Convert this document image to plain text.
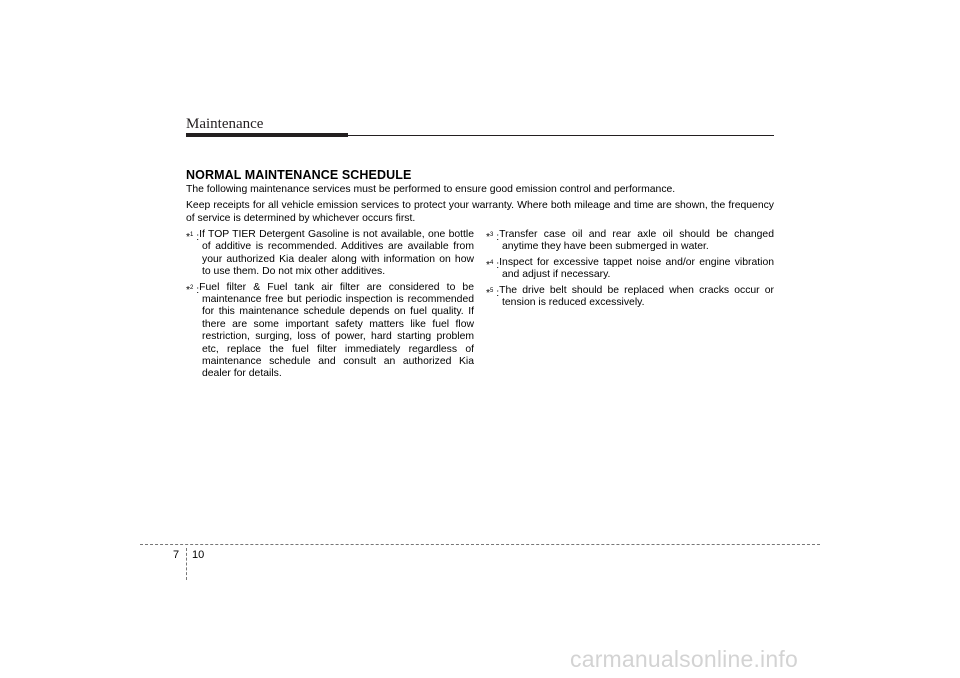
Maintenance
NORMAL MAINTENANCE SCHEDULE
The following maintenance services must be performed to ensure good emission control and performance.
Keep receipts for all vehicle emission services to protect your warranty. Where both mileage and time are shown, the frequency of service is determined by whichever occurs first.
*$^1$ : If TOP TIER Detergent Gasoline is not available, one bottle of additive is recommended. Additives are available from your authorized Kia dealer along with information on how to use them. Do not mix other additives.
*$^2$ : Fuel filter & Fuel tank air filter are considered to be maintenance free but periodic inspection is recommended for this maintenance schedule depends on fuel quality. If there are some important safety matters like fuel flow restriction, surging, loss of power, hard starting problem etc, replace the fuel filter immediately regardless of maintenance schedule and consult an authorized Kia dealer for details.
*$^3$ : Transfer case oil and rear axle oil should be changed anytime they have been submerged in water.
*$^4$ : Inspect for excessive tappet noise and/or engine vibration and adjust if necessary.
*$^5$ : The drive belt should be replaced when cracks occur or tension is reduced excessively.
7 10
carmanualsonline.info
